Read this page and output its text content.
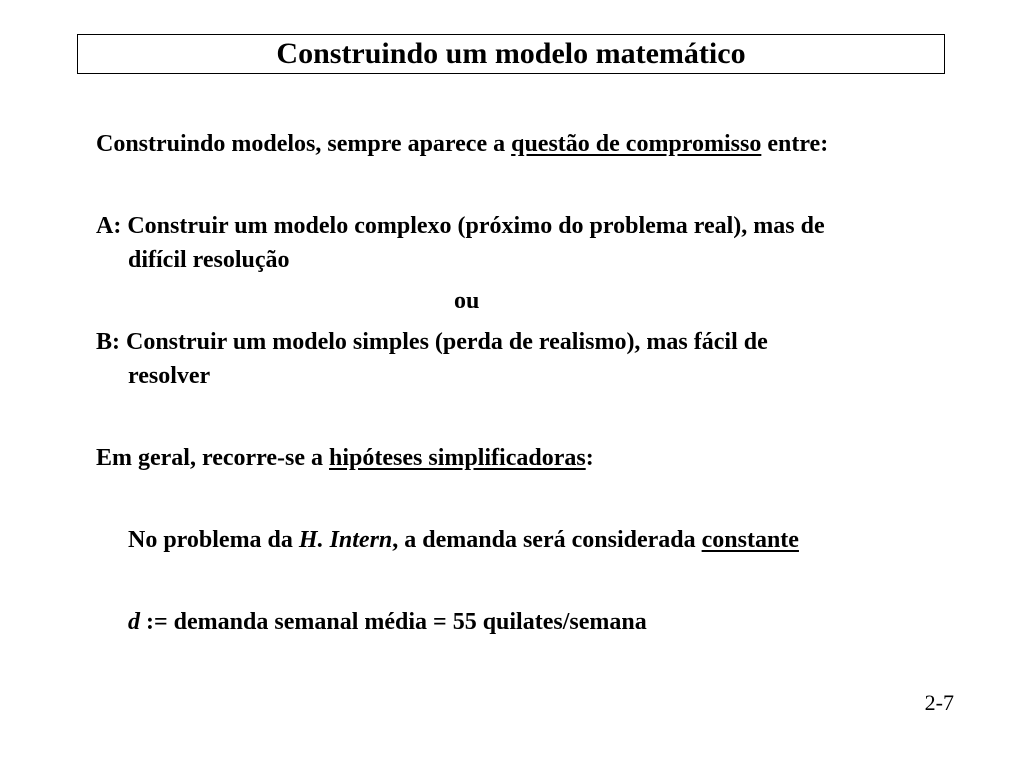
Construindo um modelo matemático
Construindo modelos, sempre aparece a questão de compromisso entre:
A: Construir um modelo complexo (próximo do problema real), mas de
difícil resolução
ou
B: Construir um modelo simples (perda de realismo), mas fácil de
resolver
Em geral, recorre-se a hipóteses simplificadoras:
No problema da H. Intern, a demanda será considerada constante
d := demanda semanal média = 55 quilates/semana
2-7
